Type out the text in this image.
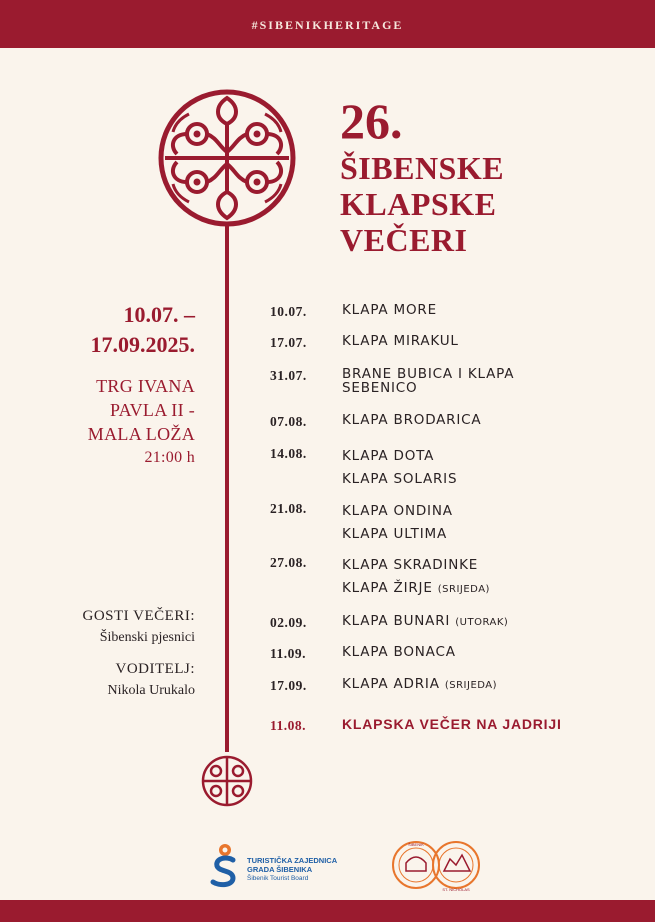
#SIBENIKHERITAGE
26.
ŠIBENSKE
KLAPSKE
VEČERI
10.07. –
17.09.2025.
TRG IVANA
PAVLA II -
MALA LOŽA
21:00 h
GOSTI VEČERI:
Šibenski pjesnici
VODITELJ:
Nikola Urukalo
10.07.	KLAPA MORE
17.07.	KLAPA MIRAKUL
31.07.	BRANE BUBICA I KLAPA
SEBENICO
07.08.	KLAPA BRODARICA
14.08.	KLAPA DOTA
KLAPA SOLARIS
21.08.	KLAPA ONDINA
KLAPA ULTIMA
27.08.	KLAPA SKRADINKE
KLAPA ŽIRJE (SRIJEDA)
02.09.	KLAPA BUNARI (UTORAK)
11.09.	KLAPA BONACA
17.09.	KLAPA ADRIA (SRIJEDA)
11.08.	KLAPSKA VEČER NA JADRIJI
TURISTIČKA ZAJEDNICA
GRADA ŠIBENIKA
Šibenik Tourist Board
ŠIBENIK
ST. NICHOLAS
